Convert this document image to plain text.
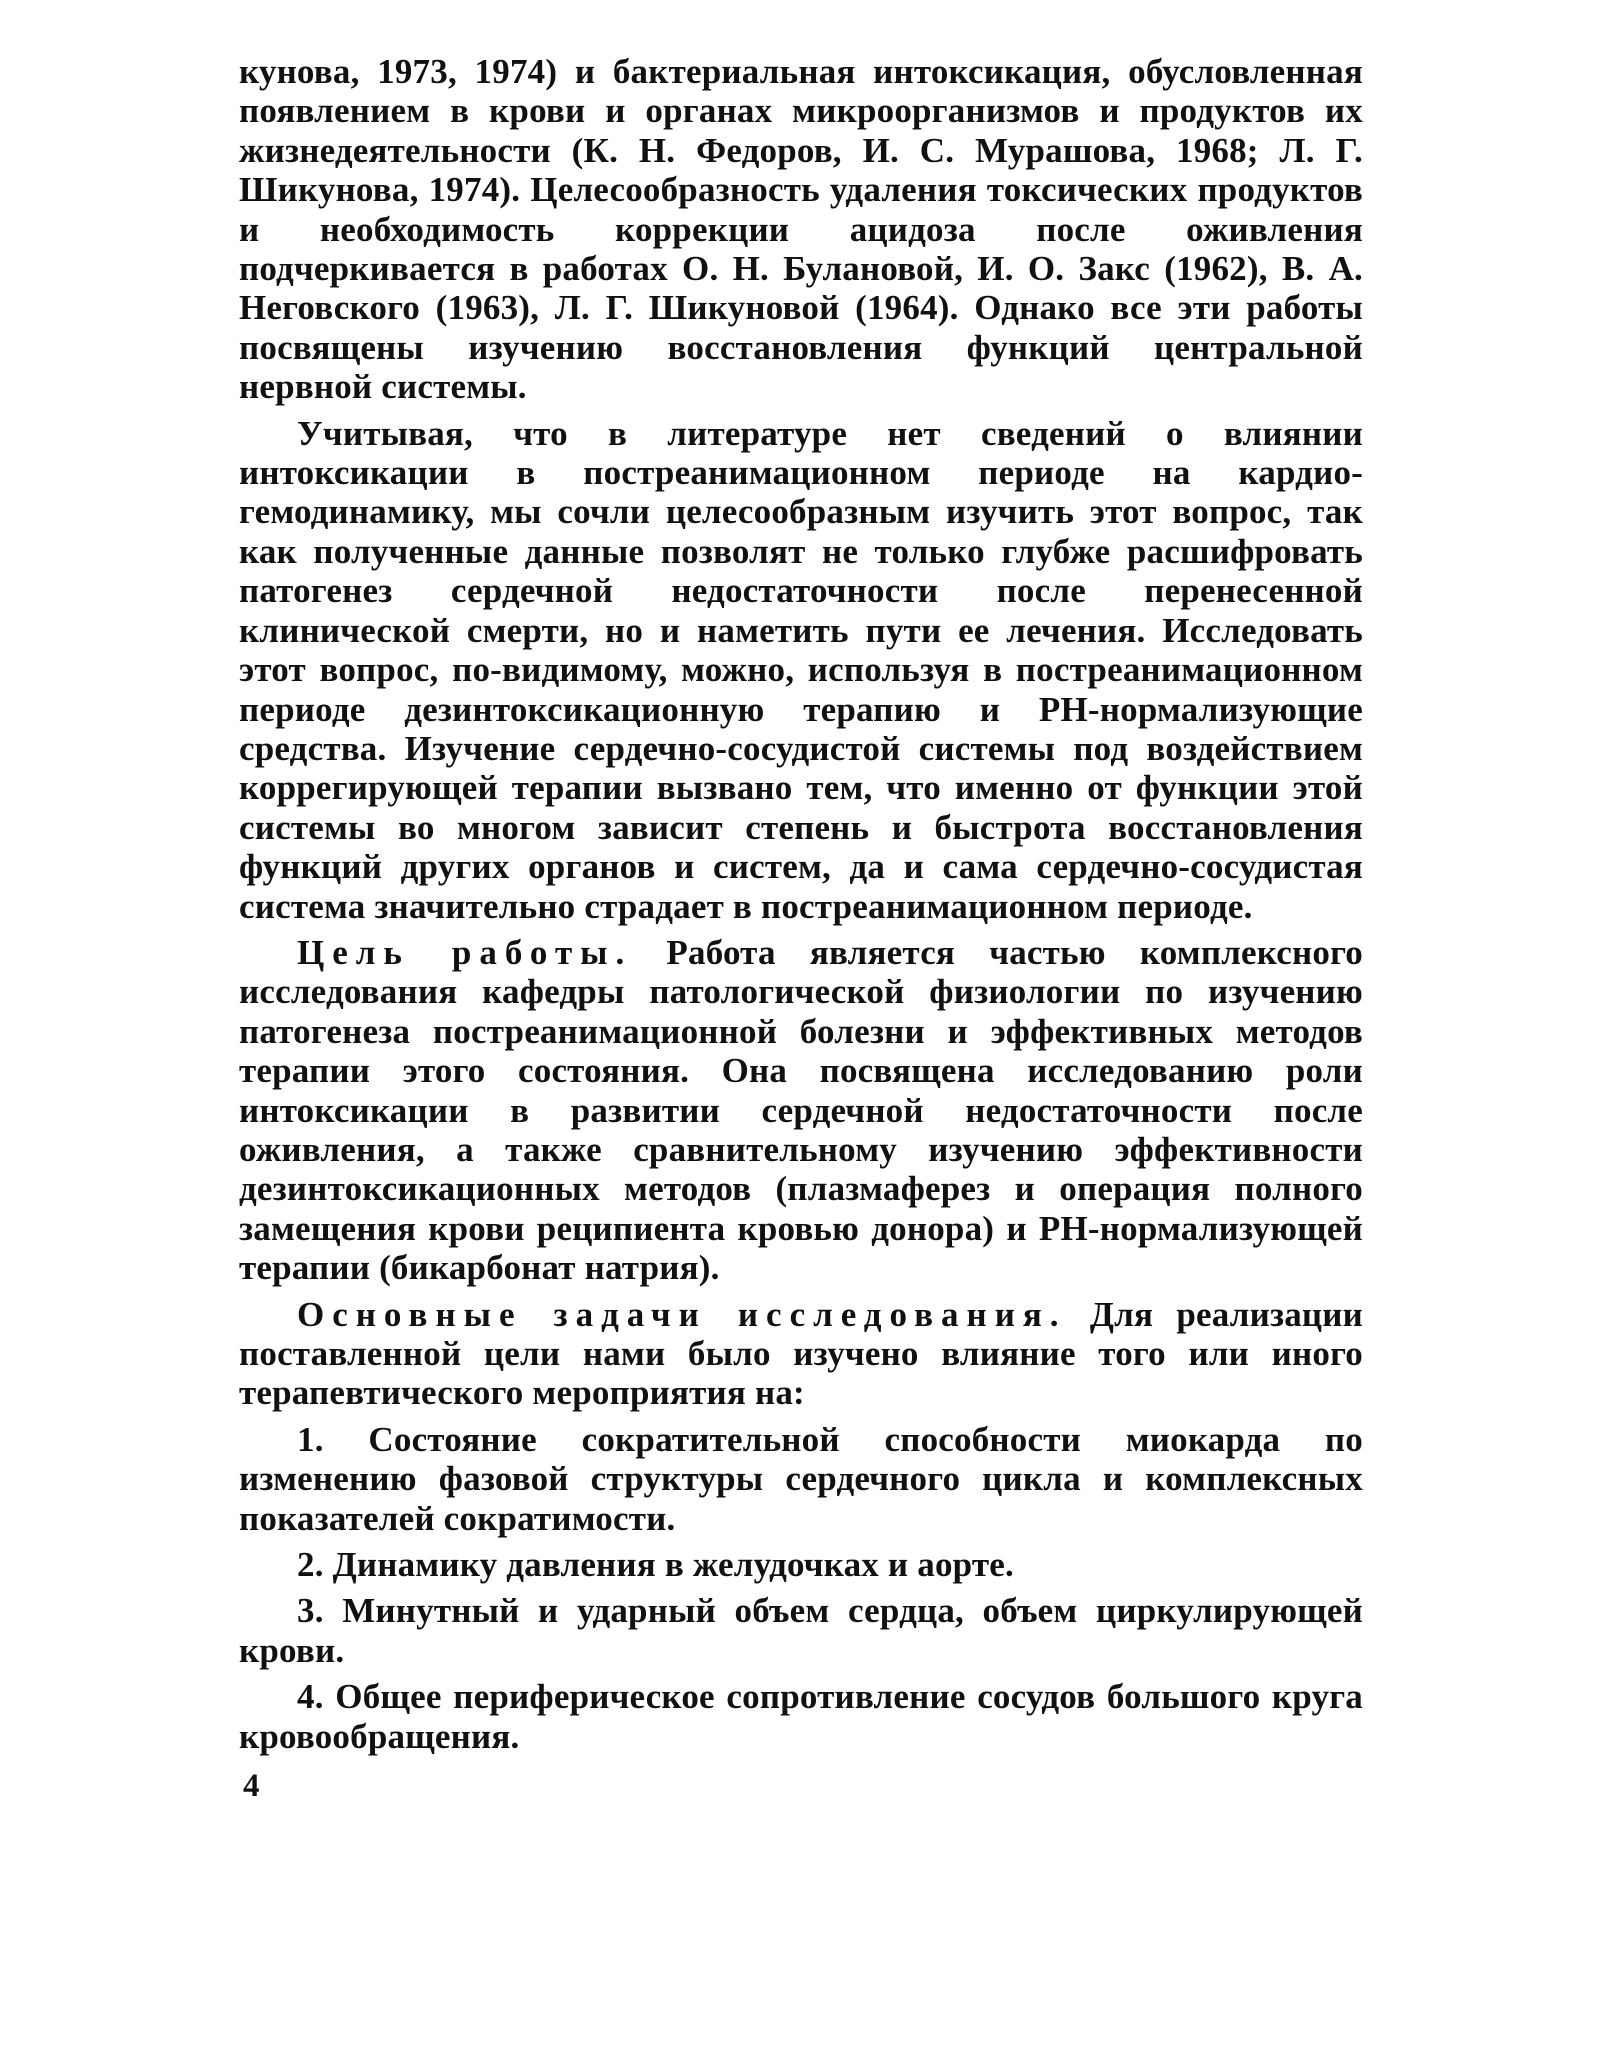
кунова, 1973, 1974) и бактериальная интоксикация, обусловленная появлением в крови и органах микроорганизмов и продуктов их жизнедеятельности (К. Н. Федоров, И. С. Мурашова, 1968; Л. Г. Шикунова, 1974). Целесообразность удаления токсических продуктов и необходимость коррекции ацидоза после оживления подчеркивается в работах О. Н. Булановой, И. О. Закс (1962), В. А. Неговского (1963), Л. Г. Шикуновой (1964). Однако все эти работы посвящены изучению восстановления функций центральной нервной системы.

Учитывая, что в литературе нет сведений о влиянии интоксикации в постреанимационном периоде на кардио-гемодинамику, мы сочли целесообразным изучить этот вопрос, так как полученные данные позволят не только глубже расшифровать патогенез сердечной недостаточности после перенесенной клинической смерти, но и наметить пути ее лечения. Исследовать этот вопрос, по-видимому, можно, используя в постреанимационном периоде дезинтоксикационную терапию и РН-нормализующие средства. Изучение сердечно-сосудистой системы под воздействием коррегирующей терапии вызвано тем, что именно от функции этой системы во многом зависит степень и быстрота восстановления функций других органов и систем, да и сама сердечно-сосудистая система значительно страдает в постреанимационном периоде.

Цель работы. Работа является частью комплексного исследования кафедры патологической физиологии по изучению патогенеза постреанимационной болезни и эффективных методов терапии этого состояния. Она посвящена исследованию роли интоксикации в развитии сердечной недостаточности после оживления, а также сравнительному изучению эффективности дезинтоксикационных методов (плазмаферез и операция полного замещения крови реципиента кровью донора) и РН-нормализующей терапии (бикарбонат натрия).

Основные задачи исследования. Для реализации поставленной цели нами было изучено влияние того или иного терапевтического мероприятия на:

1. Состояние сократительной способности миокарда по изменению фазовой структуры сердечного цикла и комплексных показателей сократимости.

2. Динамику давления в желудочках и аорте.

3. Минутный и ударный объем сердца, объем циркулирующей крови.

4. Общее периферическое сопротивление сосудов большого круга кровообращения.

4
